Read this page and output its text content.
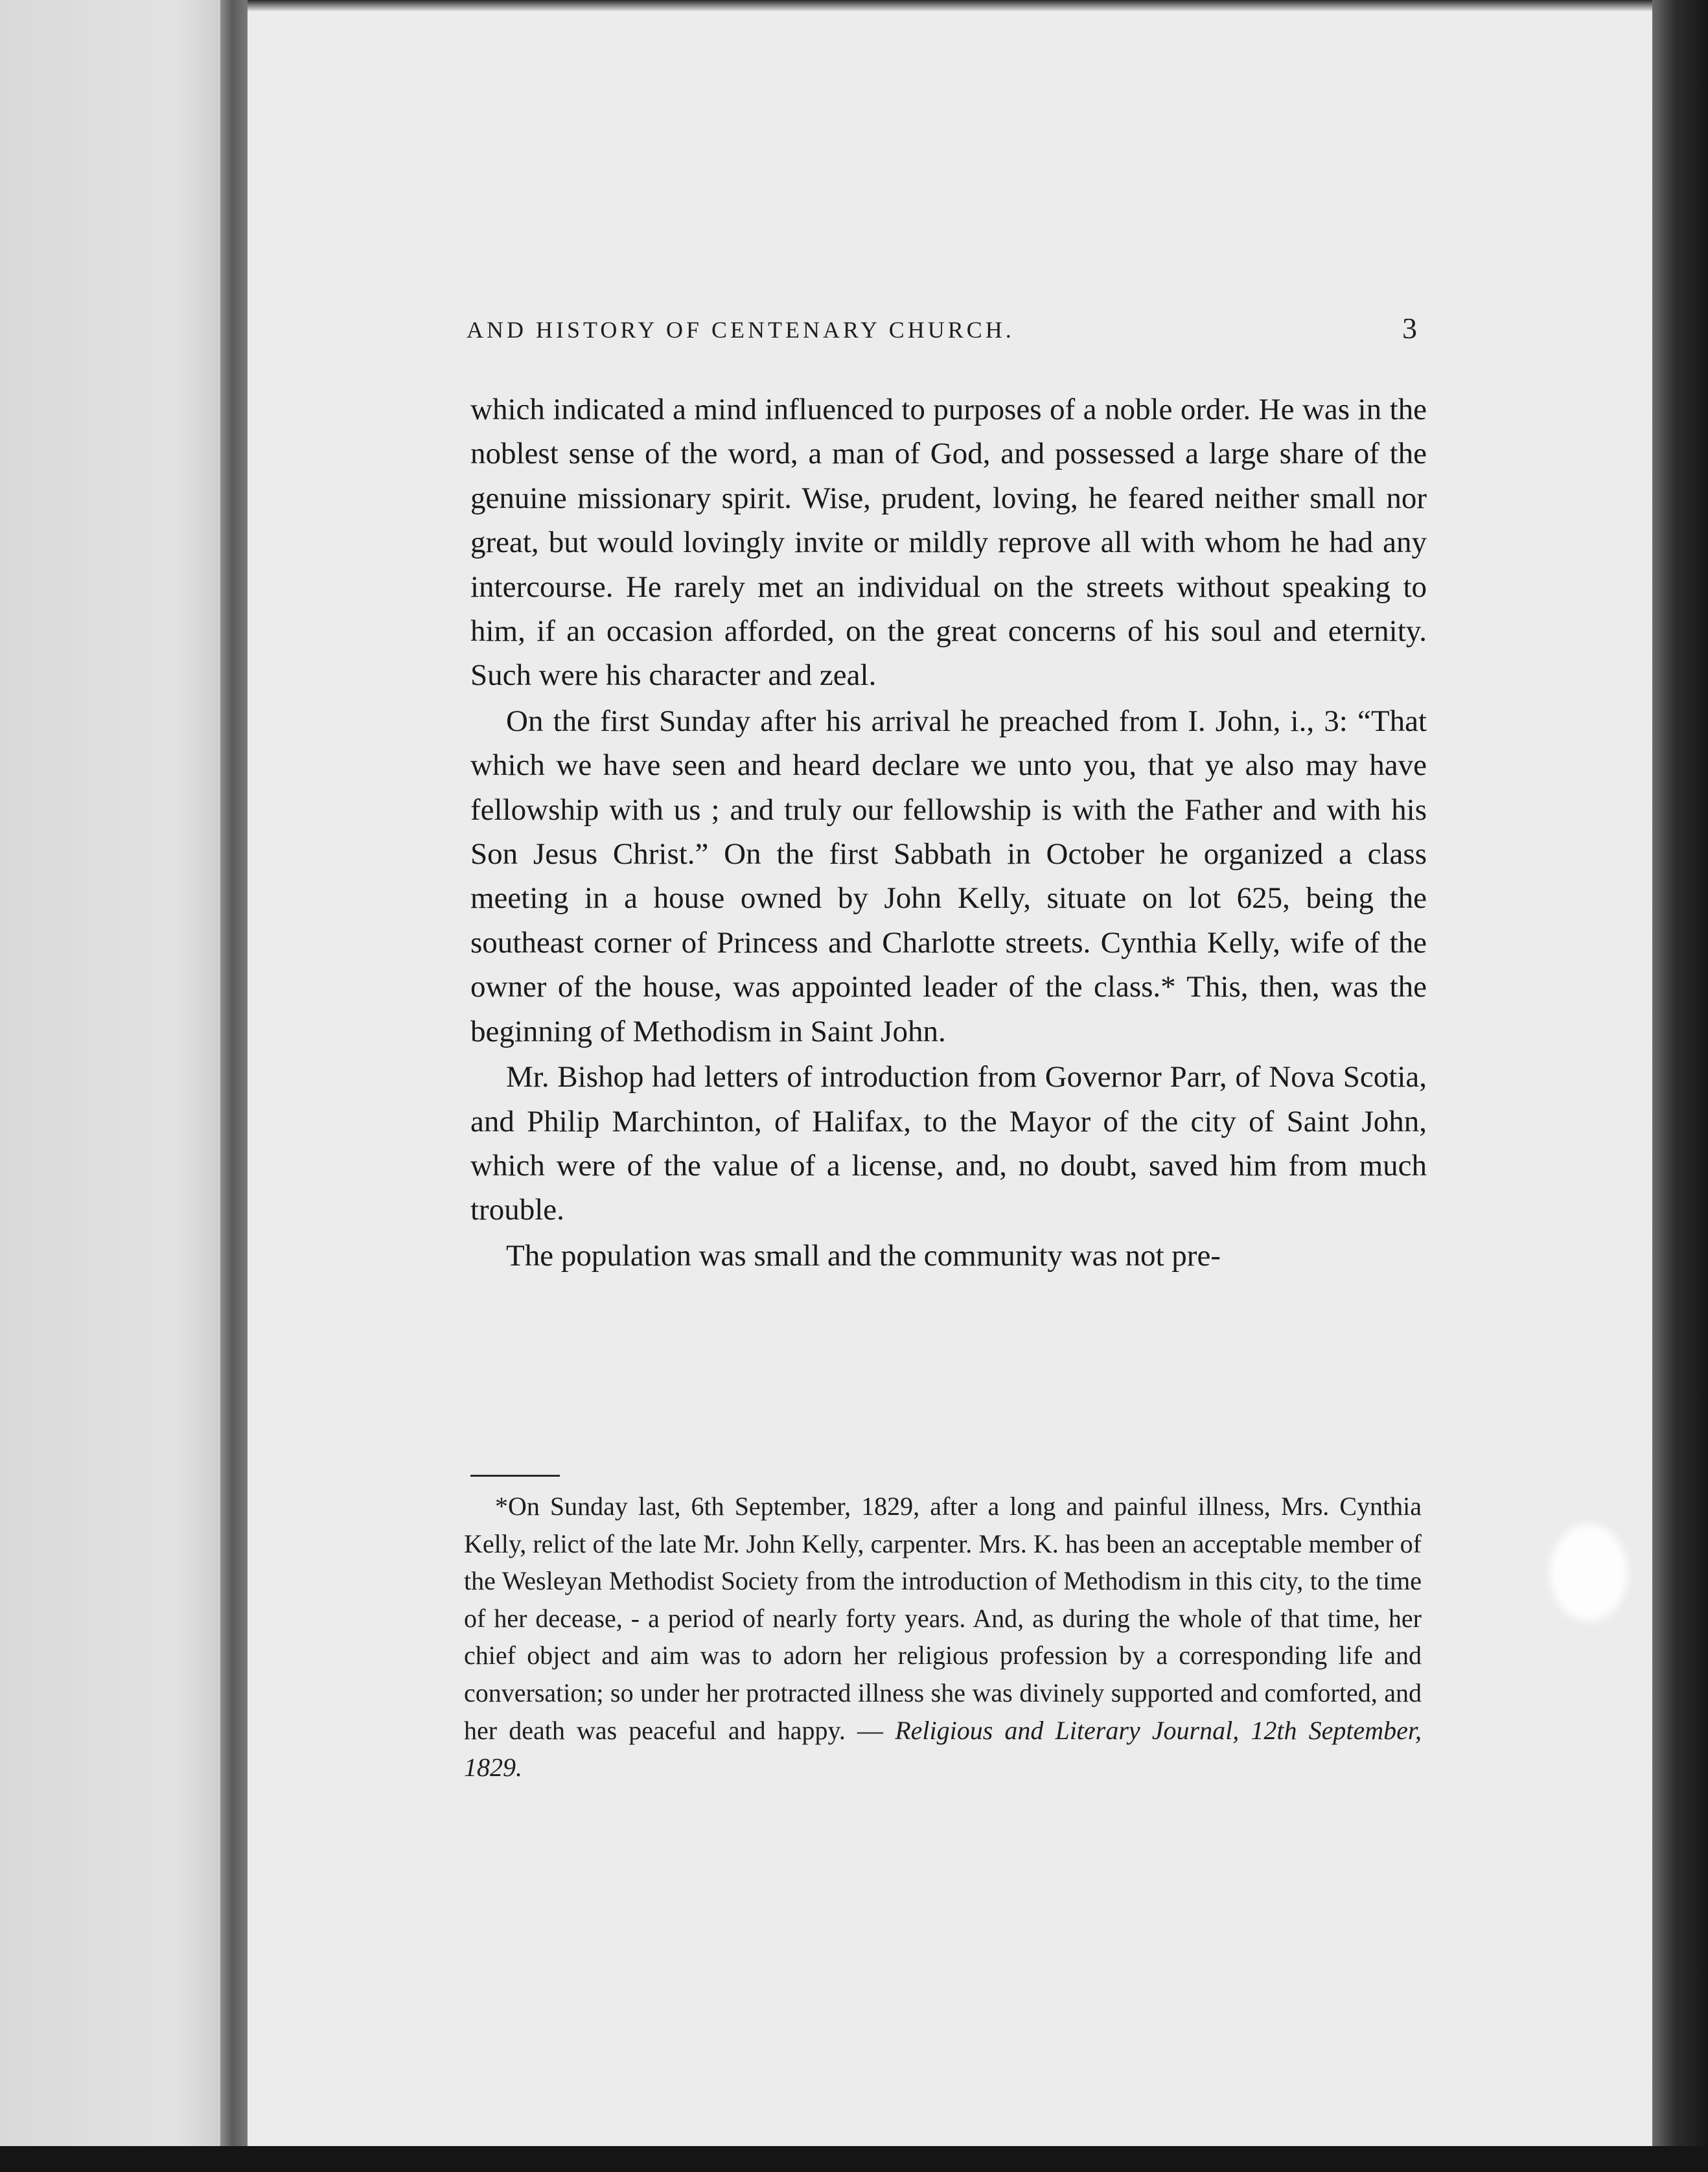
AND HISTORY OF CENTENARY CHURCH.	3

which indicated a mind influenced to purposes of a noble order. He was in the noblest sense of the word, a man of God, and possessed a large share of the genuine missionary spirit. Wise, prudent, loving, he feared neither small nor great, but would lovingly invite or mildly reprove all with whom he had any intercourse. He rarely met an individual on the streets without speaking to him, if an occasion afforded, on the great concerns of his soul and eternity. Such were his character and zeal.

On the first Sunday after his arrival he preached from I. John, i., 3: “That which we have seen and heard declare we unto you, that ye also may have fellowship with us ; and truly our fellowship is with the Father and with his Son Jesus Christ.” On the first Sabbath in October he organized a class meeting in a house owned by John Kelly, situate on lot 625, being the southeast corner of Princess and Charlotte streets. Cynthia Kelly, wife of the owner of the house, was appointed leader of the class.* This, then, was the beginning of Methodism in Saint John.

Mr. Bishop had letters of introduction from Governor Parr, of Nova Scotia, and Philip Marchinton, of Halifax, to the Mayor of the city of Saint John, which were of the value of a license, and, no doubt, saved him from much trouble.

The population was small and the community was not pre-

*On Sunday last, 6th September, 1829, after a long and painful illness, Mrs. Cynthia Kelly, relict of the late Mr. John Kelly, carpenter. Mrs. K. has been an acceptable member of the Wesleyan Methodist Society from the introduction of Methodism in this city, to the time of her decease, - a period of nearly forty years. And, as during the whole of that time, her chief object and aim was to adorn her religious profession by a corresponding life and conversation; so under her protracted illness she was divinely supported and comforted, and her death was peaceful and happy. — Religious and Literary Journal, 12th September, 1829.
